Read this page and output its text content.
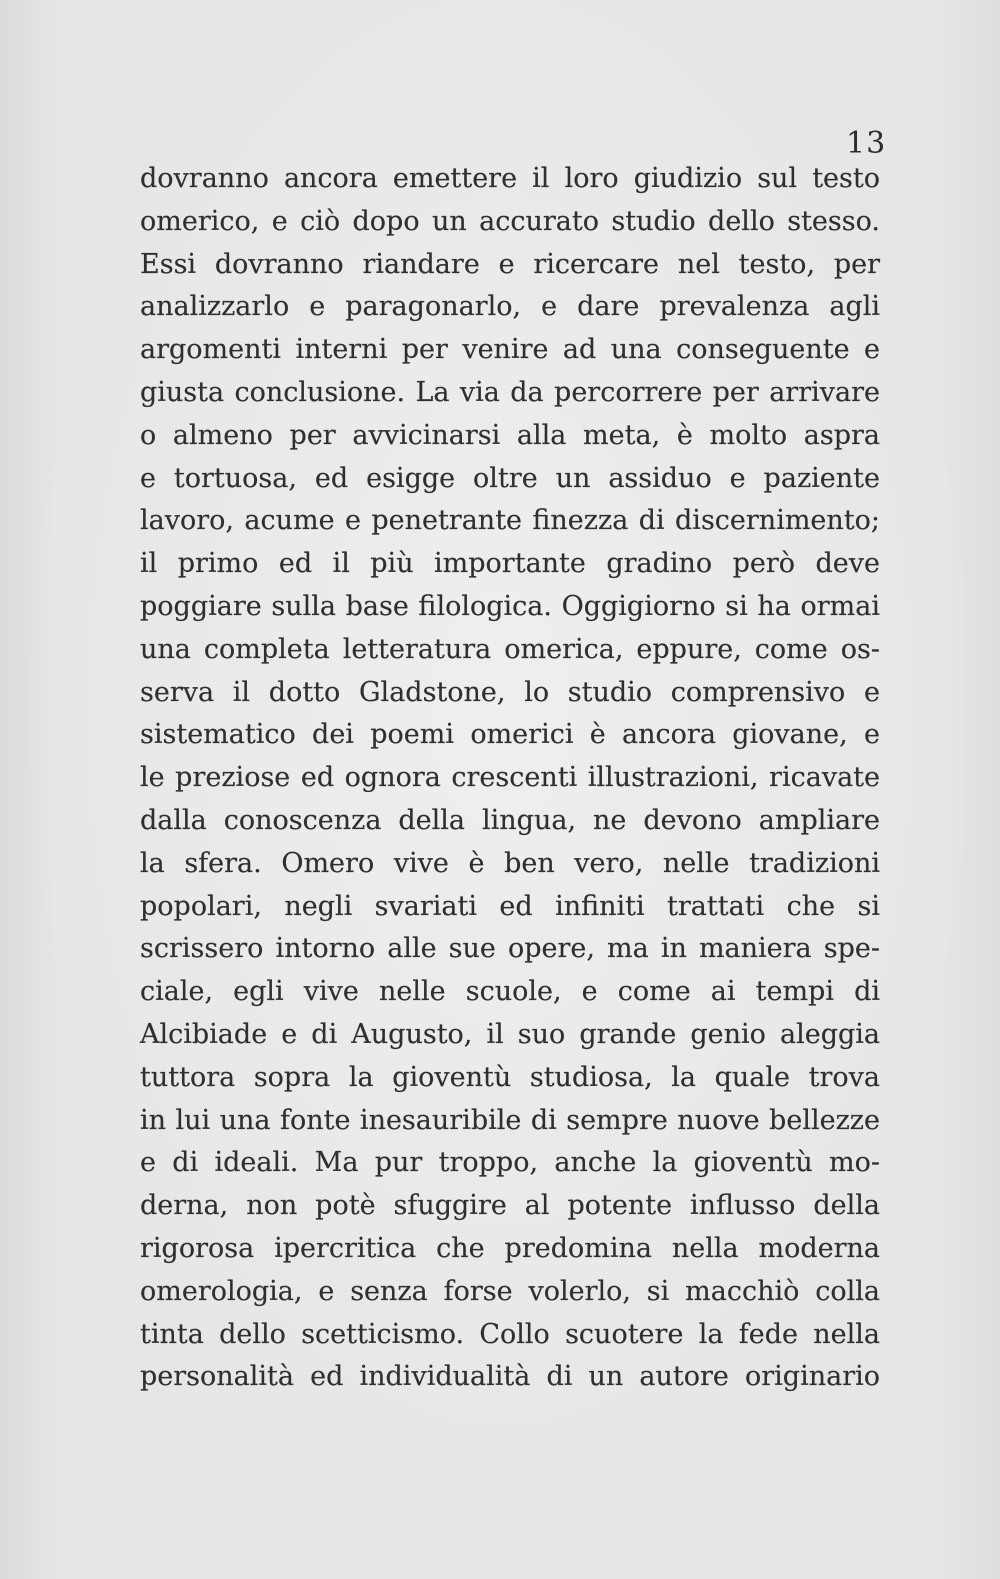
13
dovranno ancora emettere il loro giudizio sul testo
omerico, e ciò dopo un accurato studio dello stesso.
Essi dovranno riandare e ricercare nel testo, per
analizzarlo e paragonarlo, e dare prevalenza agli
argomenti interni per venire ad una conseguente e
giusta conclusione. La via da percorrere per arrivare
o almeno per avvicinarsi alla meta, è molto aspra
e tortuosa, ed esigge oltre un assiduo e paziente
lavoro, acume e penetrante finezza di discernimento;
il primo ed il più importante gradino però deve
poggiare sulla base filologica. Oggigiorno si ha ormai
una completa letteratura omerica, eppure, come os-
serva il dotto Gladstone, lo studio comprensivo e
sistematico dei poemi omerici è ancora giovane, e
le preziose ed ognora crescenti illustrazioni, ricavate
dalla conoscenza della lingua, ne devono ampliare
la sfera. Omero vive è ben vero, nelle tradizioni
popolari, negli svariati ed infiniti trattati che si
scrissero intorno alle sue opere, ma in maniera spe-
ciale, egli vive nelle scuole, e come ai tempi di
Alcibiade e di Augusto, il suo grande genio aleggia
tuttora sopra la gioventù studiosa, la quale trova
in lui una fonte inesauribile di sempre nuove bellezze
e di ideali. Ma pur troppo, anche la gioventù mo-
derna, non potè sfuggire al potente influsso della
rigorosa ipercritica che predomina nella moderna
omerologia, e senza forse volerlo, si macchiò colla
tinta dello scetticismo. Collo scuotere la fede nella
personalità ed individualità di un autore originario
